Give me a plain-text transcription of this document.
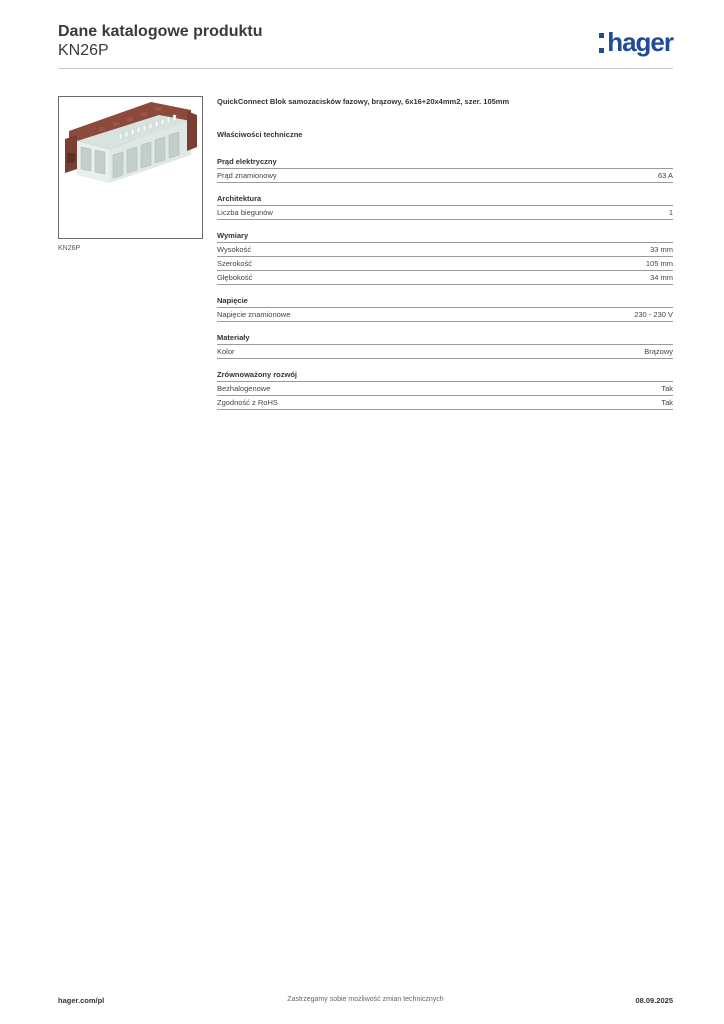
Dane katalogowe produktu
KN26P	hager
KN26P
QuickConnect Blok samozacisków fazowy, brązowy, 6x16+20x4mm2, szer. 105mm
Właściwości techniczne
Prąd elektryczny
Prąd znamionowy	63 A
Architektura
Liczba biegunów	1
Wymiary
Wysokość	33 mm
Szerokość	105 mm
Głębokość	34 mm
Napięcie
Napięcie znamionowe	230 - 230 V
Materiały
Kolor	Brązowy
Zrównoważony rozwój
Bezhalogenowe	Tak
Zgodność z RoHS	Tak
hager.com/pl	Zastrzegamy sobie możliwość zmian technicznych	08.09.2025
